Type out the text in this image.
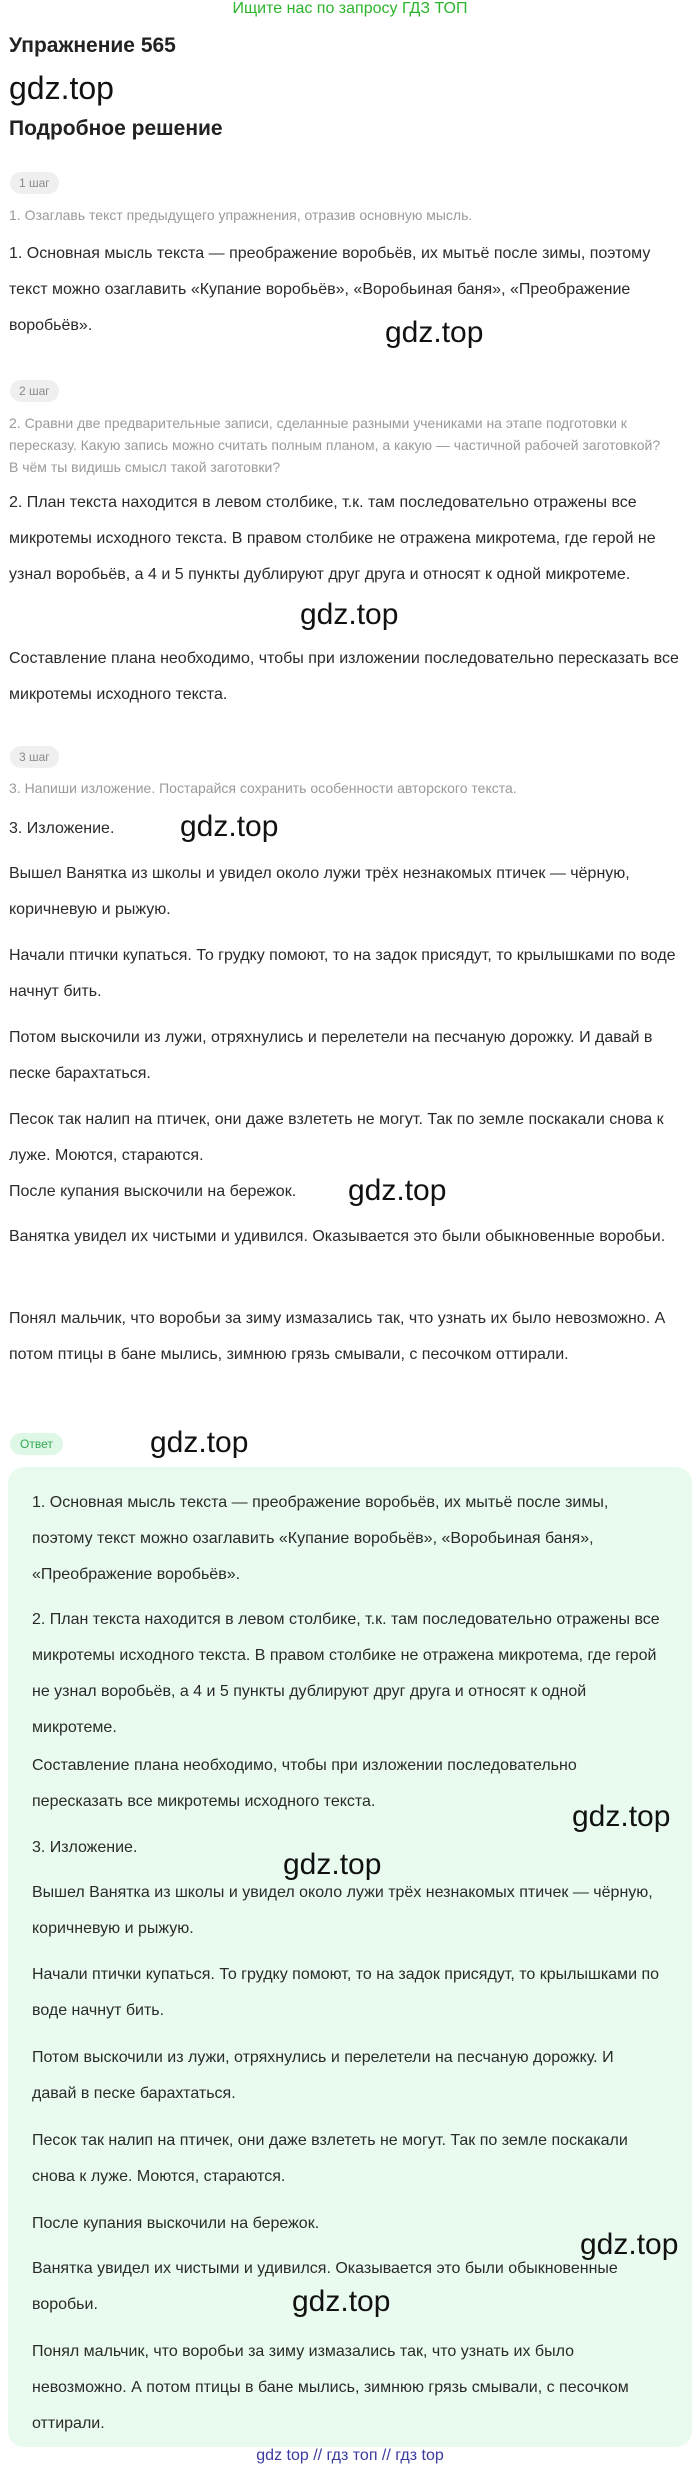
Ищите нас по запросу ГДЗ ТОП
Упражнение 565
gdz.top
Подробное решение
1 шаг
1. Озаглавь текст предыдущего упражнения, отразив основную мысль.
1. Основная мысль текста — преображение воробьёв, их мытьё после зимы, поэтому текст можно озаглавить «Купание воробьёв», «Воробьиная баня», «Преображение воробьёв».	gdz.top
2 шаг
2. Сравни две предварительные записи, сделанные разными учениками на этапе подготовки к пересказу. Какую запись можно считать полным планом, а какую — частичной рабочей заготовкой? В чём ты видишь смысл такой заготовки?
2. План текста находится в левом столбике, т.к. там последовательно отражены все микротемы исходного текста. В правом столбике не отражена микротема, где герой не узнал воробьёв, а 4 и 5 пункты дублируют друг друга и относят к одной микротеме.
gdz.top
Составление плана необходимо, чтобы при изложении последовательно пересказать все микротемы исходного текста.
3 шаг
3. Напиши изложение. Постарайся сохранить особенности авторского текста.
3. Изложение.	gdz.top
Вышел Ванятка из школы и увидел около лужи трёх незнакомых птичек — чёрную, коричневую и рыжую.
Начали птички купаться. То грудку помоют, то на задок присядут, то крылышками по воде начнут бить.
Потом выскочили из лужи, отряхнулись и перелетели на песчаную дорожку. И давай в песке барахтаться.
Песок так налип на птичек, они даже взлететь не могут. Так по земле поскакали снова к луже. Моются, стараются.
После купания выскочили на бережок.	gdz.top
Ванятка увидел их чистыми и удивился. Оказывается это были обыкновенные воробьи.
Понял мальчик, что воробьи за зиму измазались так, что узнать их было невозможно. А потом птицы в бане мылись, зимнюю грязь смывали, с песочком оттирали.
Ответ	gdz.top
1. Основная мысль текста — преображение воробьёв, их мытьё после зимы, поэтому текст можно озаглавить «Купание воробьёв», «Воробьиная баня», «Преображение воробьёв».
2. План текста находится в левом столбике, т.к. там последовательно отражены все микротемы исходного текста. В правом столбике не отражена микротема, где герой не узнал воробьёв, а 4 и 5 пункты дублируют друг друга и относят к одной микротеме.
Составление плана необходимо, чтобы при изложении последовательно пересказать все микротемы исходного текста.	gdz.top
3. Изложение.
gdz.top
Вышел Ванятка из школы и увидел около лужи трёх незнакомых птичек — чёрную, коричневую и рыжую.
Начали птички купаться. То грудку помоют, то на задок присядут, то крылышками по воде начнут бить.
Потом выскочили из лужи, отряхнулись и перелетели на песчаную дорожку. И давай в песке барахтаться.
Песок так налип на птичек, они даже взлететь не могут. Так по земле поскакали снова к луже. Моются, стараются.
После купания выскочили на бережок.
gdz.top
Ванятка увидел их чистыми и удивился. Оказывается это были обыкновенные воробьи.	gdz.top
Понял мальчик, что воробьи за зиму измазались так, что узнать их было невозможно. А потом птицы в бане мылись, зимнюю грязь смывали, с песочком оттирали.
gdz top // гдз топ // гдз top
